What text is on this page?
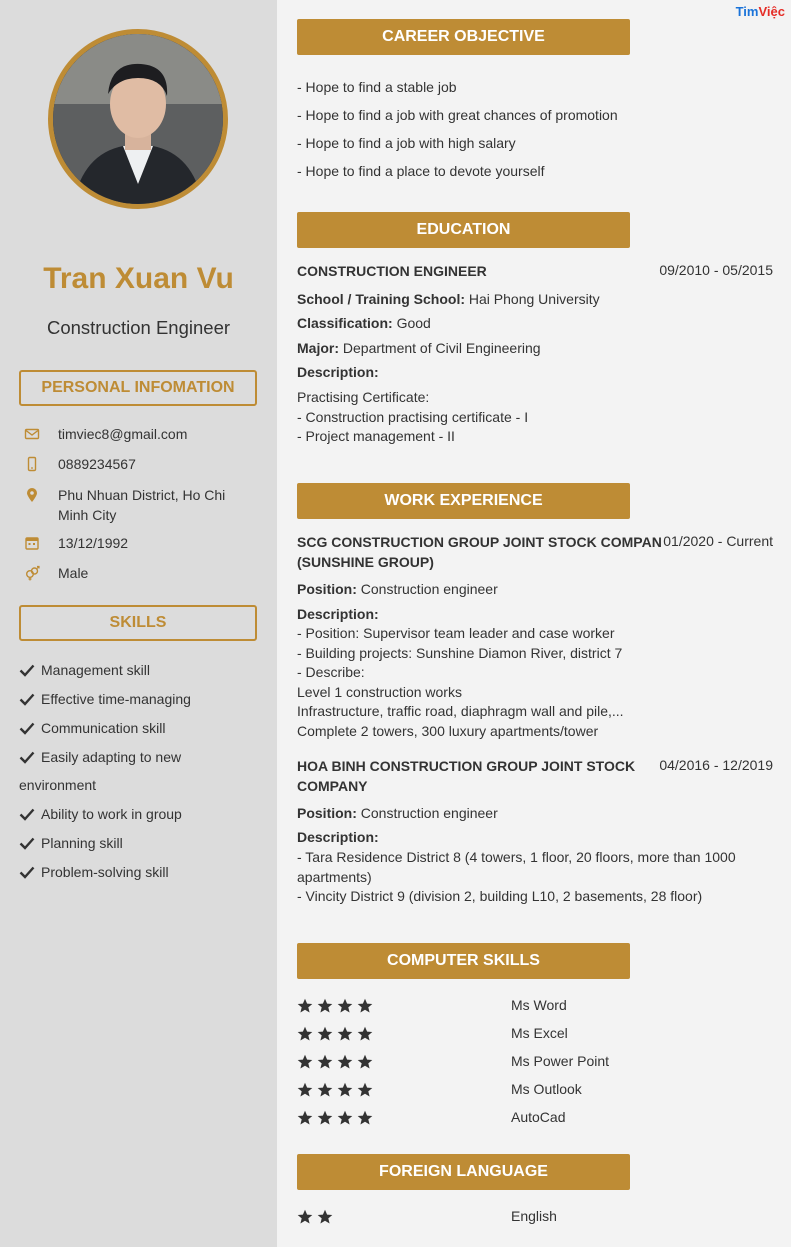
Tran Xuan Vu
Construction Engineer
PERSONAL INFOMATION
timviec8@gmail.com
0889234567
Phu Nhuan District, Ho Chi Minh City
13/12/1992
Male
SKILLS
Management skill
Effective time-managing
Communication skill
Easily adapting to new environment
Ability to work in group
Planning skill
Problem-solving skill
TimViệc
CAREER OBJECTIVE
- Hope to find a stable job
- Hope to find a job with great chances of promotion
- Hope to find a job with high salary
- Hope to find a place to devote yourself
EDUCATION
CONSTRUCTION ENGINEER	09/2010 - 05/2015
School / Training School: Hai Phong University
Classification: Good
Major: Department of Civil Engineering
Description:
Practising Certificate:
- Construction practising certificate - I
- Project management - II
WORK EXPERIENCE
SCG CONSTRUCTION GROUP JOINT STOCK COMPAN
(SUNSHINE GROUP)
01/2020 - Current
Position: Construction engineer
Description:
- Position: Supervisor team leader and case worker
- Building projects: Sunshine Diamon River, district 7
- Describe:
Level 1 construction works
Infrastructure, traffic road, diaphragm wall and pile,...
Complete 2 towers, 300 luxury apartments/tower
HOA BINH CONSTRUCTION GROUP JOINT STOCK
COMPANY
04/2016 - 12/2019
Position: Construction engineer
Description:
- Tara Residence District 8 (4 towers, 1 floor, 20 floors, more than 1000
apartments)
- Vincity District 9 (division 2, building L10, 2 basements, 28 floor)
COMPUTER SKILLS
Ms Word
Ms Excel
Ms Power Point
Ms Outlook
AutoCad
FOREIGN LANGUAGE
English
